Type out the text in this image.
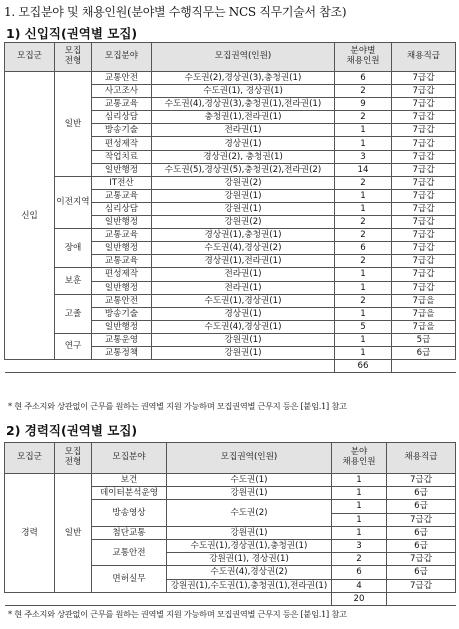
1. 모집분야 및 채용인원(분야별 수행직무는 NCS 직무기술서 참조)
1) 신입직(권역별 모집)
모집군	모집
전형	모집분야	모집권역(인원)	분야별
채용인원	채용직급
신입	일반	교통안전	수도권(2),경상권(3),충청권(1)	6	7급갑
		사고조사	수도권(1), 경상권(1)	2	7급갑
		교통교육	수도권(4),경상권(3),충청권(1),전라권(1)	9	7급갑
		심리상담	충청권(1),전라권(1)	2	7급갑
		방송기술	전라권(1)	1	7급갑
		편성제작	경상권(1)	1	7급갑
		작업치료	경상권(2), 충청권(1)	3	7급갑
		일반행정	수도권(5),경상권(5),충청권(2),전라권(2)	14	7급갑
	이전지역	IT전산	강원권(2)	2	7급갑
		교통교육	강원권(1)	1	7급갑
		심리상담	강원권(1)	1	7급갑
		일반행정	강원권(2)	2	7급갑
	장애	교통교육	경상권(1),충청권(1)	2	7급갑
		일반행정	수도권(4),경상권(2)	6	7급갑
		교통교육	경상권(1),전라권(1)	2	7급갑
	보훈	편성제작	전라권(1)	1	7급갑
		일반행정	전라권(1)	1	7급갑
	고졸	교통안전	수도권(1),경상권(1)	2	7급을
		방송기술	경상권(1)	1	7급을
		일반행정	수도권(4),경상권(1)	5	7급을
	연구	교통운영	강원권(1)	1	5급
		교통정책	강원권(1)	1	6급
				66	
* 현 주소지와 상관없이 근무를 원하는 권역별 지원 가능하며 모집권역별 근무지 등은 [붙임.1] 참고
2) 경력직(권역별 모집)
모집군	모집
전형	모집분야	모집권역(인원)	분야
채용인원	채용직급
경력	일반	보건	수도권(1)	1	7급갑
		데이터분석운영	강원권(1)	1	6급
		방송영상	수도권(2)	1	6급
				1	7급갑
		첨단교통	강원권(1)	1	6급
		교통안전	수도권(1),경상권(1),충청권(1)	3	6급
			강원권(1), 경상권(1)	2	7급갑
		면허실무	수도권(4),경상권(2)	6	6급
			강원권(1),수도권(1),충청권(1),전라권(1)	4	7급갑
				20	
* 현 주소지와 상관없이 근무를 원하는 권역별 지원 가능하며 모집권역별 근무지 등은 [붙임.1] 참고
